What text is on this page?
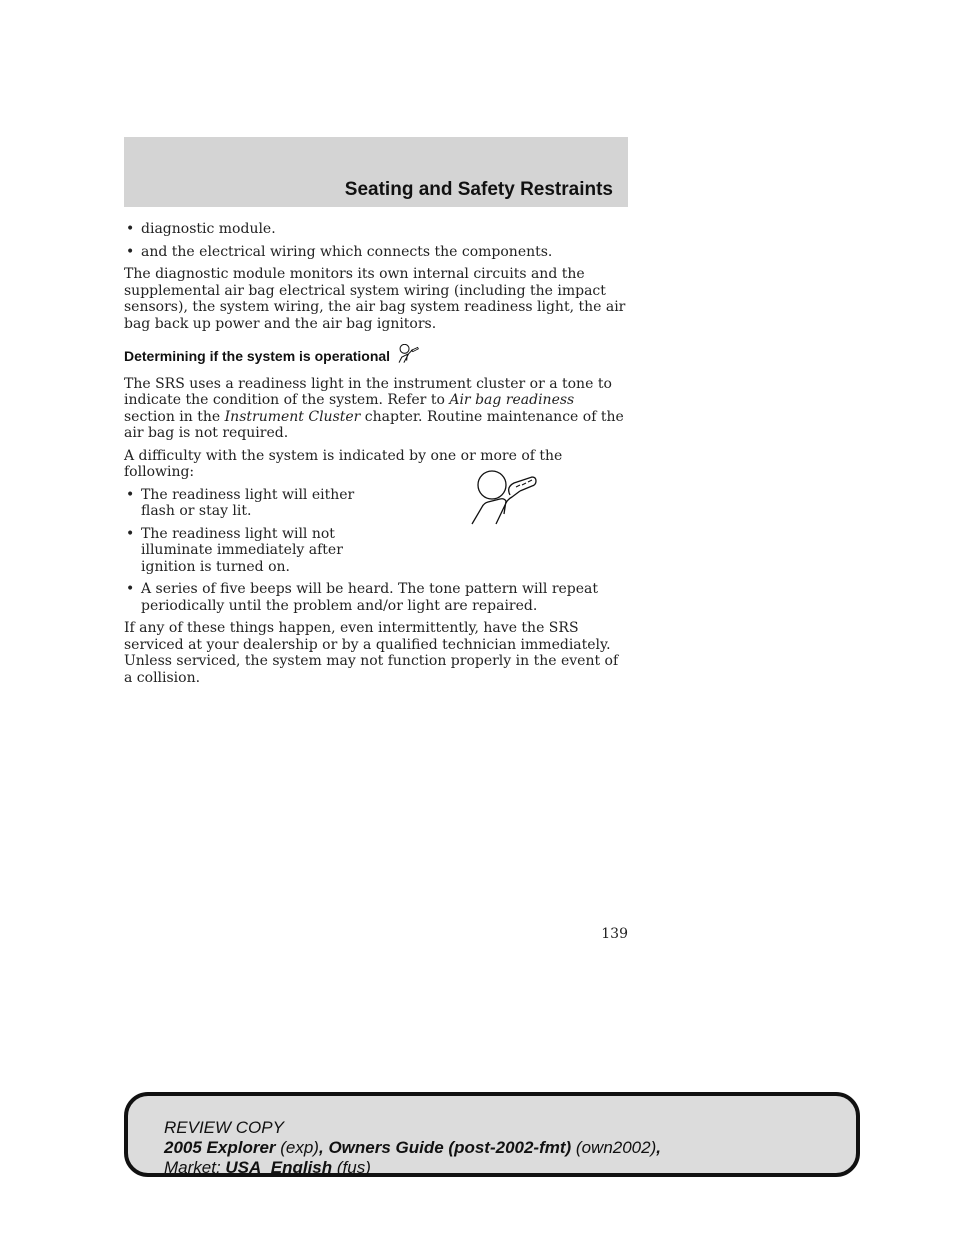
Seating and Safety Restraints
• diagnostic module.
• and the electrical wiring which connects the components.

The diagnostic module monitors its own internal circuits and the supplemental air bag electrical system wiring (including the impact sensors), the system wiring, the air bag system readiness light, the air bag back up power and the air bag ignitors.

Determining if the system is operational

The SRS uses a readiness light in the instrument cluster or a tone to indicate the condition of the system. Refer to Air bag readiness section in the Instrument Cluster chapter. Routine maintenance of the air bag is not required.

A difficulty with the system is indicated by one or more of the following:

• The readiness light will either flash or stay lit.
• The readiness light will not illuminate immediately after ignition is turned on.
• A series of five beeps will be heard. The tone pattern will repeat periodically until the problem and/or light are repaired.

If any of these things happen, even intermittently, have the SRS serviced at your dealership or by a qualified technician immediately. Unless serviced, the system may not function properly in the event of a collision.

139
REVIEW COPY
2005 Explorer (exp), Owners Guide (post-2002-fmt) (own2002),
Market: USA_English (fus)
